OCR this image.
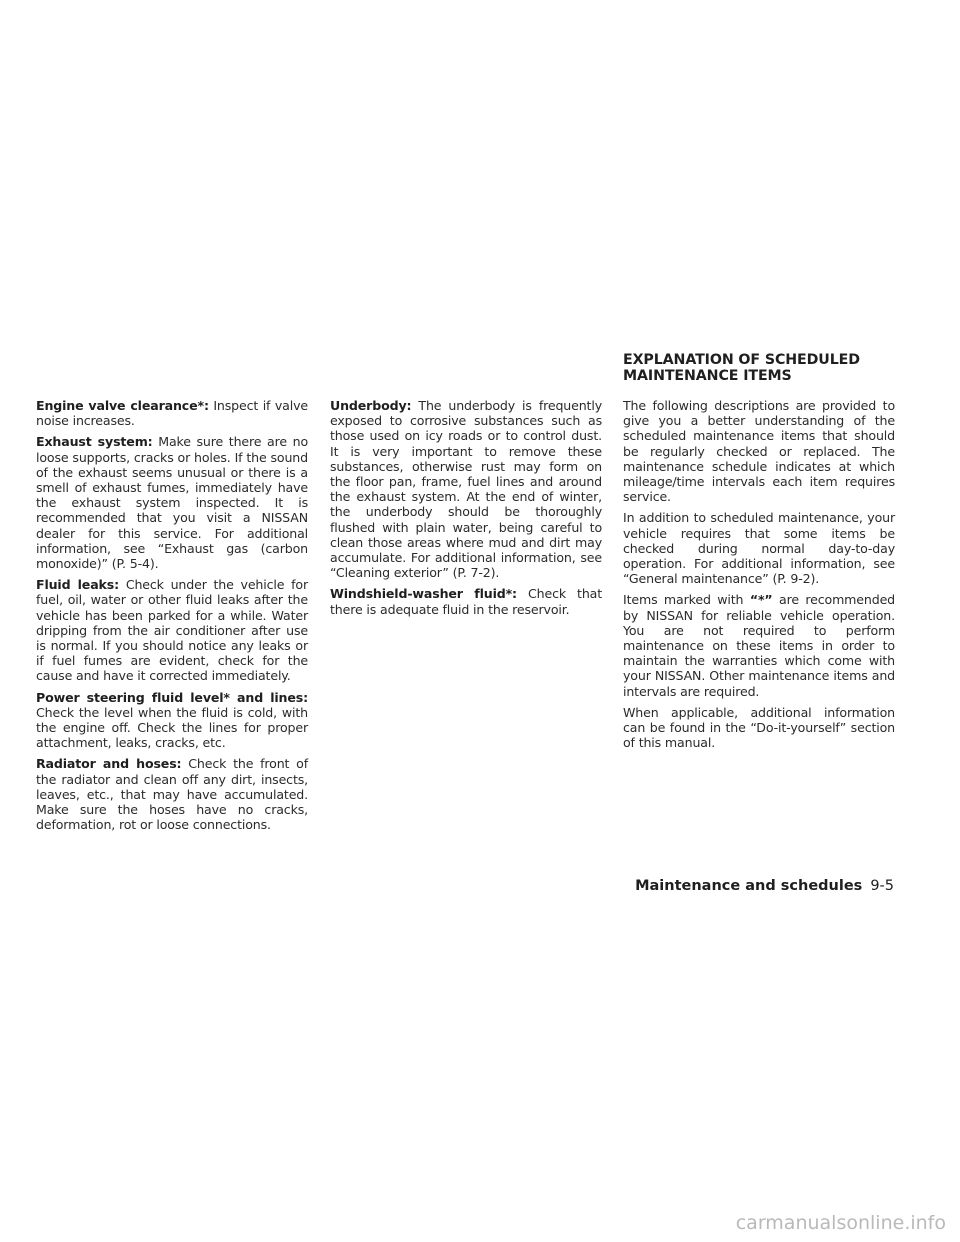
EXPLANATION OF SCHEDULED
MAINTENANCE ITEMS

Engine valve clearance*: Inspect if valve noise increases.

Exhaust system: Make sure there are no loose supports, cracks or holes. If the sound of the exhaust seems unusual or there is a smell of exhaust fumes, immediately have the exhaust system inspected. It is recommended that you visit a NISSAN dealer for this service. For additional information, see “Exhaust gas (carbon monoxide)” (P. 5-4).

Fluid leaks: Check under the vehicle for fuel, oil, water or other fluid leaks after the vehicle has been parked for a while. Water dripping from the air conditioner after use is normal. If you should notice any leaks or if fuel fumes are evident, check for the cause and have it corrected immediately.

Power steering fluid level* and lines: Check the level when the fluid is cold, with the engine off. Check the lines for proper attachment, leaks, cracks, etc.

Radiator and hoses: Check the front of the radiator and clean off any dirt, insects, leaves, etc., that may have accumulated. Make sure the hoses have no cracks, deformation, rot or loose connections.

Underbody: The underbody is frequently exposed to corrosive substances such as those used on icy roads or to control dust. It is very important to remove these substances, otherwise rust may form on the floor pan, frame, fuel lines and around the exhaust system. At the end of winter, the underbody should be thoroughly flushed with plain water, being careful to clean those areas where mud and dirt may accumulate. For additional information, see “Cleaning exterior” (P. 7-2).

Windshield-washer fluid*: Check that there is adequate fluid in the reservoir.

The following descriptions are provided to give you a better understanding of the scheduled maintenance items that should be regularly checked or replaced. The maintenance schedule indicates at which mileage/time intervals each item requires service.

In addition to scheduled maintenance, your vehicle requires that some items be checked during normal day-to-day operation. For additional information, see “General maintenance” (P. 9-2).

Items marked with “*” are recommended by NISSAN for reliable vehicle operation. You are not required to perform maintenance on these items in order to maintain the warranties which come with your NISSAN. Other maintenance items and intervals are required.

When applicable, additional information can be found in the “Do-it-yourself” section of this manual.

Maintenance and schedules 9-5
carmanualsonline.info
